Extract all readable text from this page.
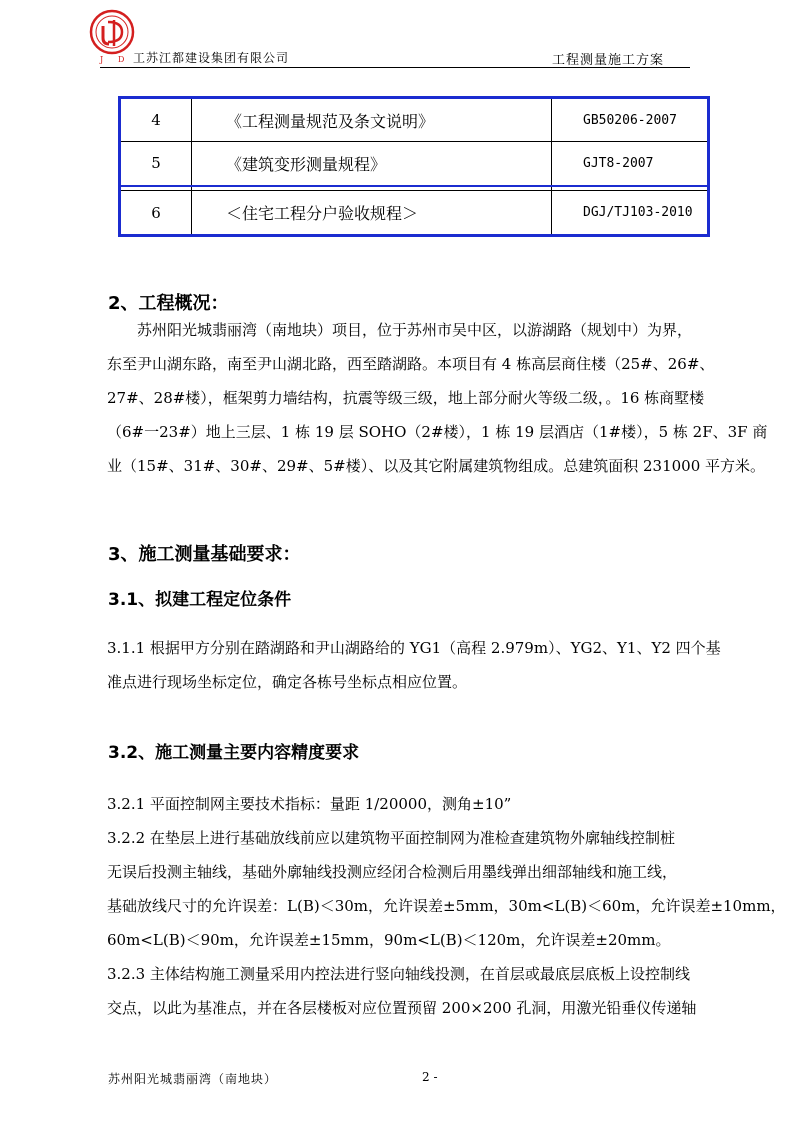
J D 工苏江都建设集团有限公司	工程测量施工方案
4	《工程测量规范及条文说明》	GB50206-2007
5	《建筑变形测量规程》	GJT8-2007
6	＜住宅工程分户验收规程＞	DGJ/TJ103-2010
2、工程概况：
苏州阳光城翡丽湾（南地块）项目，位于苏州市吴中区，以游湖路（规划中）为界，
东至尹山湖东路，南至尹山湖北路，西至踏湖路。本项目有 4 栋高层商住楼（25#、26#、
27#、28#楼），框架剪力墙结构，抗震等级三级，地上部分耐火等级二级，。16 栋商墅楼
（6#一23#）地上三层、1 栋 19 层 SOHO（2#楼），1 栋 19 层酒店（1#楼），5 栋 2F、3F 商
业（15#、31#、30#、29#、5#楼）、以及其它附属建筑物组成。总建筑面积 231000 平方米。
3、施工测量基础要求：
3.1、拟建工程定位条件
3.1.1 根据甲方分别在踏湖路和尹山湖路给的 YG1（高程 2.979m）、YG2、Y1、Y2 四个基
准点进行现场坐标定位，确定各栋号坐标点相应位置。
3.2、施工测量主要内容精度要求
3.2.1 平面控制网主要技术指标：量距 1/20000，测角±10”
3.2.2 在垫层上进行基础放线前应以建筑物平面控制网为准检查建筑物外廓轴线控制桩
无误后投测主轴线，基础外廓轴线投测应经闭合检测后用墨线弹出细部轴线和施工线，
基础放线尺寸的允许误差：L(B)＜30m，允许误差±5mm，30m<L(B)＜60m，允许误差±10mm，
60m<L(B)＜90m，允许误差±15mm，90m<L(B)＜120m，允许误差±20mm。
3.2.3 主体结构施工测量采用内控法进行竖向轴线投测，在首层或最底层底板上设控制线
交点，以此为基准点，并在各层楼板对应位置预留 200×200 孔洞，用激光铅垂仪传递轴
苏州阳光城翡丽湾（南地块）	2 -
